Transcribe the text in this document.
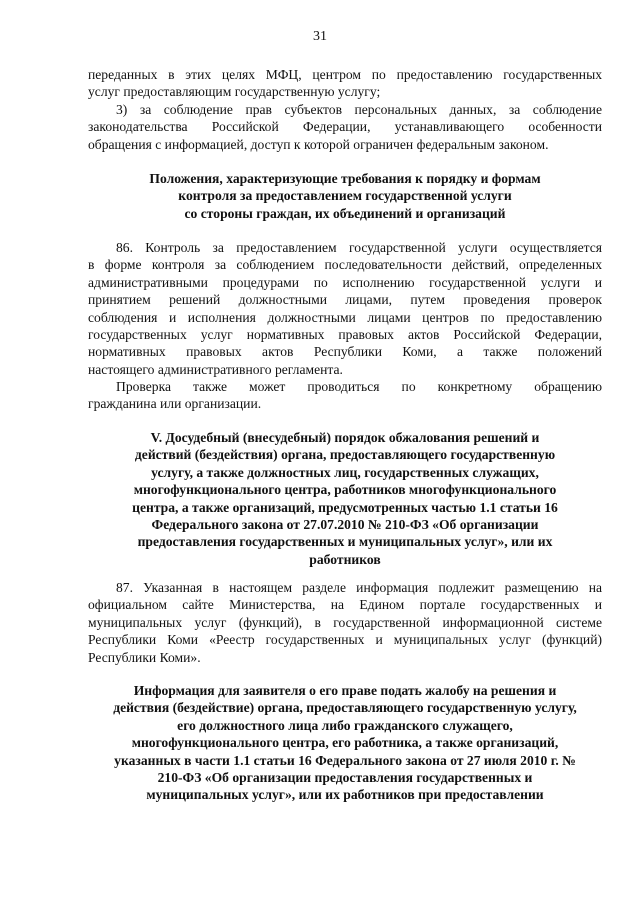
31

переданных в этих целях МФЦ, центром по предоставлению государственных

услуг предоставляющим государственную услугу;

3) за соблюдение прав субъектов персональных данных, за соблюдение

законодательства Российской Федерации, устанавливающего особенности

обращения с информацией, доступ к которой ограничен федеральным законом.

Положения, характеризующие требования к порядку и формам

контроля за предоставлением государственной услуги

со стороны граждан, их объединений и организаций

86. Контроль за предоставлением государственной услуги осуществляется

в форме контроля за соблюдением последовательности действий, определенных

административными процедурами по исполнению государственной услуги и

принятием решений должностными лицами, путем проведения проверок

соблюдения и исполнения должностными лицами центров по предоставлению

государственных услуг нормативных правовых актов Российской Федерации,

нормативных правовых актов Республики Коми, а также положений

настоящего административного регламента.

Проверка также может проводиться по конкретному обращению

гражданина или организации.

V. Досудебный (внесудебный) порядок обжалования решений и

действий (бездействия) органа, предоставляющего государственную

услугу, а также должностных лиц, государственных служащих,

многофункционального центра, работников многофункционального

центра, а также организаций, предусмотренных частью 1.1 статьи 16

Федерального закона от 27.07.2010 № 210-ФЗ «Об организации

предоставления государственных и муниципальных услуг», или их

работников

87. Указанная в настоящем разделе информация подлежит размещению на

официальном сайте Министерства, на Едином портале государственных и

муниципальных услуг (функций), в государственной информационной системе

Республики Коми «Реестр государственных и муниципальных услуг (функций)

Республики Коми».

Информация для заявителя о его праве подать жалобу на решения и

действия (бездействие) органа, предоставляющего государственную услугу,

его должностного лица либо гражданского служащего,

многофункционального центра, его работника, а также организаций,

указанных в части 1.1 статьи 16 Федерального закона от 27 июля 2010 г. №

210-ФЗ «Об организации предоставления государственных и

муниципальных услуг», или их работников при предоставлении
